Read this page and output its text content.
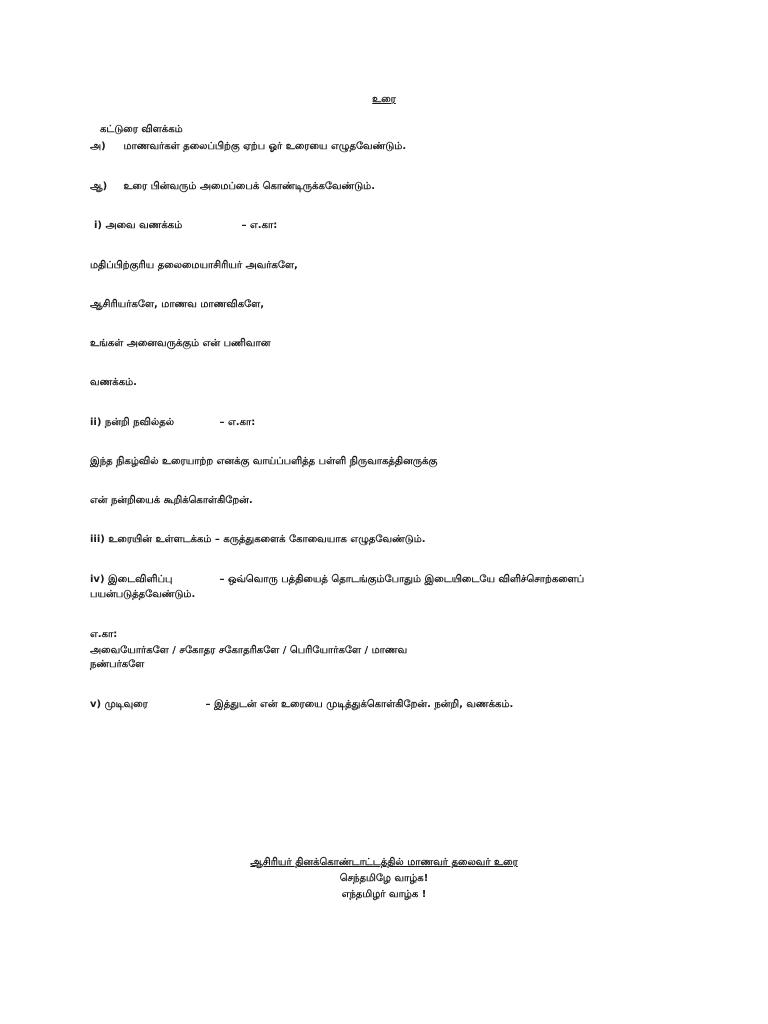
உரை
கட்டுரை விளக்கம்
அ) மாணவர்கள் தலைப்பிற்கு ஏற்ப ஓர் உரையை எழுதவேண்டும்.
ஆ) உரை பின்வரும் அமைப்பைக் கொண்டிருக்கவேண்டும்.
i) அவை வணக்கம்	– எ.கா:
மதிப்பிற்குரிய தலைமையாசிரியர் அவர்களே,
ஆசிரியர்களே, மாணவ மாணவிகளே,
உங்கள் அனைவருக்கும் என் பணிவான
வணக்கம்.
ii) நன்றி நவில்தல்	– எ.கா:
இந்த நிகழ்வில் உரையாற்ற எனக்கு வாய்ப்பளித்த பள்ளி நிருவாகத்தினருக்கு
என் நன்றியைக் கூறிக்கொள்கிறேன்.
iii) உரையின் உள்ளடக்கம் – கருத்துகளைக் கோவையாக எழுதவேண்டும்.
iv) இடைவிளிப்பு	– ஒவ்வொரு பத்தியைத் தொடங்கும்போதும் இடையிடையே விளிச்சொற்களைப்
பயன்படுத்தவேண்டும்.
எ.கா:
அவையோர்களே / சகோதர சகோதரிகளே / பெரியோர்களே / மாணவ
நண்பர்களே
v) முடிவுரை	– இத்துடன் என் உரையை முடித்துக்கொள்கிறேன். நன்றி, வணக்கம்.
ஆசிரியர் தினக்கொண்டாட்டத்தில் மாணவர் தலைவர் உரை
செந்தமிழே வாழ்க!
எந்தமிழர் வாழ்க !
